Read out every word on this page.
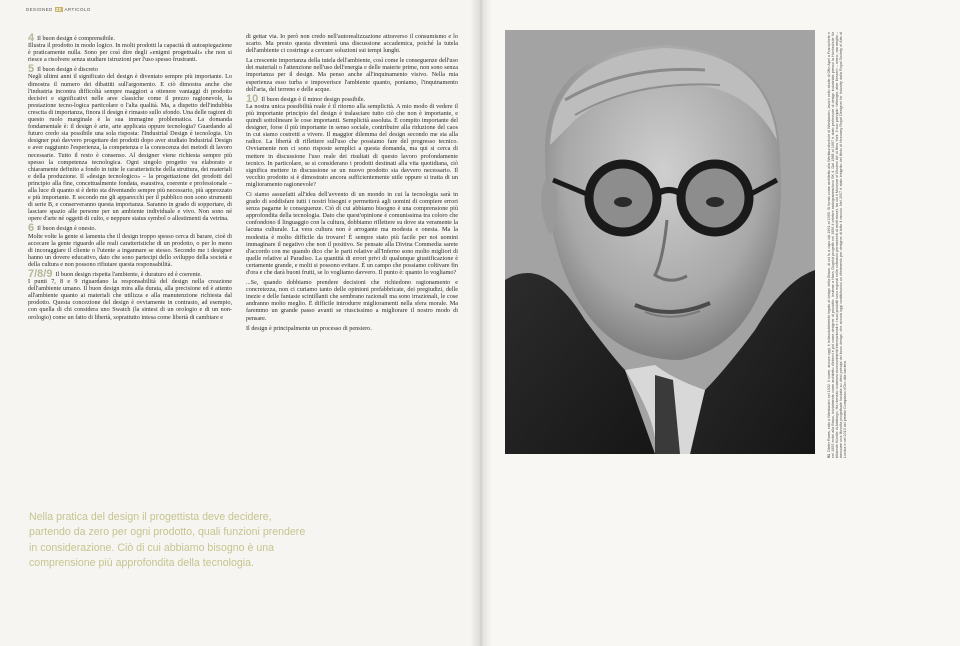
DESIGNED 22 ARTICOLO
4 Il buon design è comprensibile.

Illustra il prodotto in modo logico. In molti prodotti la capacità di autospiegazione è praticamente nulla. Sono per così dire degli «enigmi progettuali» che non si riesce a risolvere senza studiare istruzioni per l'uso spesso frustranti.

5 Il buon design è discreto

Negli ultimi anni il significato del design è diventato sempre più importante. Lo dimostra il numero dei dibattiti sull'argomento. E ciò dimostra anche che l'industria incontra difficoltà sempre maggiori a ottenere vantaggi di prodotto decisivi e significativi nelle aree classiche come il prezzo ragionevole, la prestazione tecno-logica particolare o l'alta qualità. Ma, a dispetto dell'indubbia crescita di importanza, finora il design è rimasto sullo sfondo. Una delle ragioni di questo ruolo marginale è la sua immagine problematica. La domanda fondamentale è: il design è arte, arte applicata oppure tecnologia? Guardando al futuro credo sia possibile una sola risposta: l'Industrial Design è tecnologia. Un designer può davvero progettare dei prodotti dopo aver studiato Industrial Design e aver raggiunto l'esperienza, la competenza e la conoscenza dei metodi di lavoro necessarie. Tutto il resto è consenso. Al designer viene richiesta sempre più spesso la competenza tecnologica. Ogni singolo progetto va elaborato e chiaramente definito a fondo in tutte le caratteristiche della struttura, dei materiali e della produzione. Il «design tecnologico» – la progettazione dei prodotti del principio alla fine, concettualmente fondata, esaustiva, coerente e professionale – alla luce di quanto si è detto sta diventando sempre più necessario, più apprezzato e più importante. E secondo me gli apparecchi per il pubblico non sono strumenti di serie B, e conserveranno questa importanza. Saranno in grado di sopportare, di lasciare spazio alle persone per un ambiente individuale e vivo. Non sono né opere d'arte né oggetti di culto, e neppure status symbol o allestimenti da vetrina.

6 Il buon design è onesto.

Molte volte la gente si lamenta che il design troppo spesso cerca di barare, cioè di accecare la gente riguardo alle reali caratteristiche di un prodotto, o per lo meno di incoraggiare il cliente o l'utente a ingannare se stesso. Secondo me i designer hanno un dovere educativo, dato che sono partecipi dello sviluppo della società e della cultura e non possono rifiutare questa responsabilità.

7/8/9 Il buon design rispetta l'ambiente, è duraturo ed è coerente.

I punti 7, 8 e 9 riguardano la responsabilità del design nella creazione dell'ambiente umano. Il buon design mira alla durata, alla precisione ed è attento all'ambiente quanto ai materiali che utilizza e alla manutenzione richiesta dal prodotto. Questa concezione del design è ovviamente in contrasto, ad esempio, con quella di chi considera uno Swatch (la sintesi di un orologio e di un non-orologio) come un fatto di libertà, soprattutto intesa come libertà di cambiare e

di gettar via. Io però non credo nell'autorealizzazione attraverso il consumismo e lo scarto. Ma presto questa diventerà una discussione accademica, poiché la tutela dell'ambiente ci costringe a cercare soluzioni sui tempi lunghi.

La crescente importanza della tutela dell'ambiente, così come le conseguenze dell'uso dei materiali o l'attenzione nell'uso dell'energia e delle materie prime, non sono senza importanza per il design. Ma penso anche all'inquinamento visivo. Nella mia esperienza esso turba e impoverisce l'ambiente quanto, poniamo, l'inquinamento dell'aria, del terreno e delle acque.

10 Il buon design è il minor design possibile.

La nostra unica possibilità reale è il ritorno alla semplicità. A mio modo di vedere il più importante principio del design è tralasciare tutto ciò che non è importante, e quindi sottolineare le cose importanti. Semplicità assoluta. È compito importante del designer, forse il più importante in senso sociale, contribuire alla riduzione del caos in cui siamo costretti a vivere. Il maggior dilemma del design secondo me sta alla radice. La libertà di riflettere sull'uso che possiamo fare del progresso tecnico. Ovviamente non ci sono risposte semplici a questa domanda, ma qui si cerca di mettere in discussione l'uso reale dei risultati di questo lavoro profondamente tecnico. In particolare, se si considerano i prodotti destinati alla vita quotidiana, ciò significa mettere in discussione se un nuovo prodotto sia davvero necessario. Il vecchio prodotto si è dimostrato ancora sufficientemente utile oppure si tratta di un miglioramento ragionevole?

Ci siamo assuefatti all'idea dell'avvento di un mondo in cui la tecnologia sarà in grado di soddisfare tutti i nostri bisogni e permetterà agli uomini di compiere errori senza pagarne le conseguenze. Ciò di cui abbiamo bisogno è una comprensione più approfondita della tecnologia. Dato che quest'opinione è comunissima tra coloro che confondono il linguaggio con la cultura, dobbiamo riflettere su dove sta veramente la lacuna culturale. La vera cultura non è arrogante ma modesta e onesta. Ma la modestia è molto difficile da trovare! È sempre stato più facile per noi uomini immaginare il negativo che non il positivo. Se pensate alla Divina Commedia sarete d'accordo con me quando dico che le parti relative all'Inferno sono molto migliori di quelle relative al Paradiso. La quantità di errori privi di qualunque giustificazione è certamente grande, e molti si possono evitare. È un campo che possiamo coltivare fin d'ora e che darà buoni frutti, se lo vogliamo davvero. Il punto è: quanto lo vogliamo?

...Se, quando dobbiamo prendere decisioni che richiedono ragionamento e concretezza, non ci curiamo tanto delle opinioni prefabbricate, dei pregiudizi, delle inezie e delle fantasie scintillanti che sembrano razionali ma sono irrazionali, le cose andranno molto meglio. È difficile introdurre miglioramenti nella sfera morale. Ma faremmo un grande passo avanti se riuscissimo a migliorare il nostro modo di pensare.

Il design è principalmente un processo di pensiero.

Nella pratica del design il progettista deve decidere, partendo da zero per ogni prodotto, quali funzioni prendere in considerazione. Ciò di cui abbiamo bisogno è una comprensione più approfondita della tecnologia.
01Dieter Rams, nato a Wiesbaden nel 1932. Il nome, ancora oggi, è indissolubilmente legato al design della Braun, di cui fu a capo dal 1961 al 1995. Si formò come architetto alla Werkkunstschule di Wiesbaden, lavorò nello studio di Otto Apel a Francoforte e nel 1955 entrò alla Braun, inizialmente come architetto d'interni e poi come designer di prodotto. Insieme a Hans Gugelot progettò nel 1956 il celebre radiogrammofono SK 4. Dal 1988 al 1997 è stato professore di design industriale presso la Hochschule für bildende Künste di Amburgo. Ha ricevuto numerosi riconoscimenti internazionali e i suoi prodotti sono esposti nelle collezioni permanenti di molti musei, tra cui il Museum of Modern Art di New York. Il suo principio «Weniger, aber besser» – meno, ma meglio – riassume una filosofia progettuale fondata su dieci principi del buon design, che ancora oggi costituiscono un riferimento per designer di tutto il mondo. Nel 2007 è stato insignito del titolo di Honorary Royal Designer for Industry dalla Royal Society of Arts di Londra e nel 2013 del premio Compasso d'Oro alla carriera.
